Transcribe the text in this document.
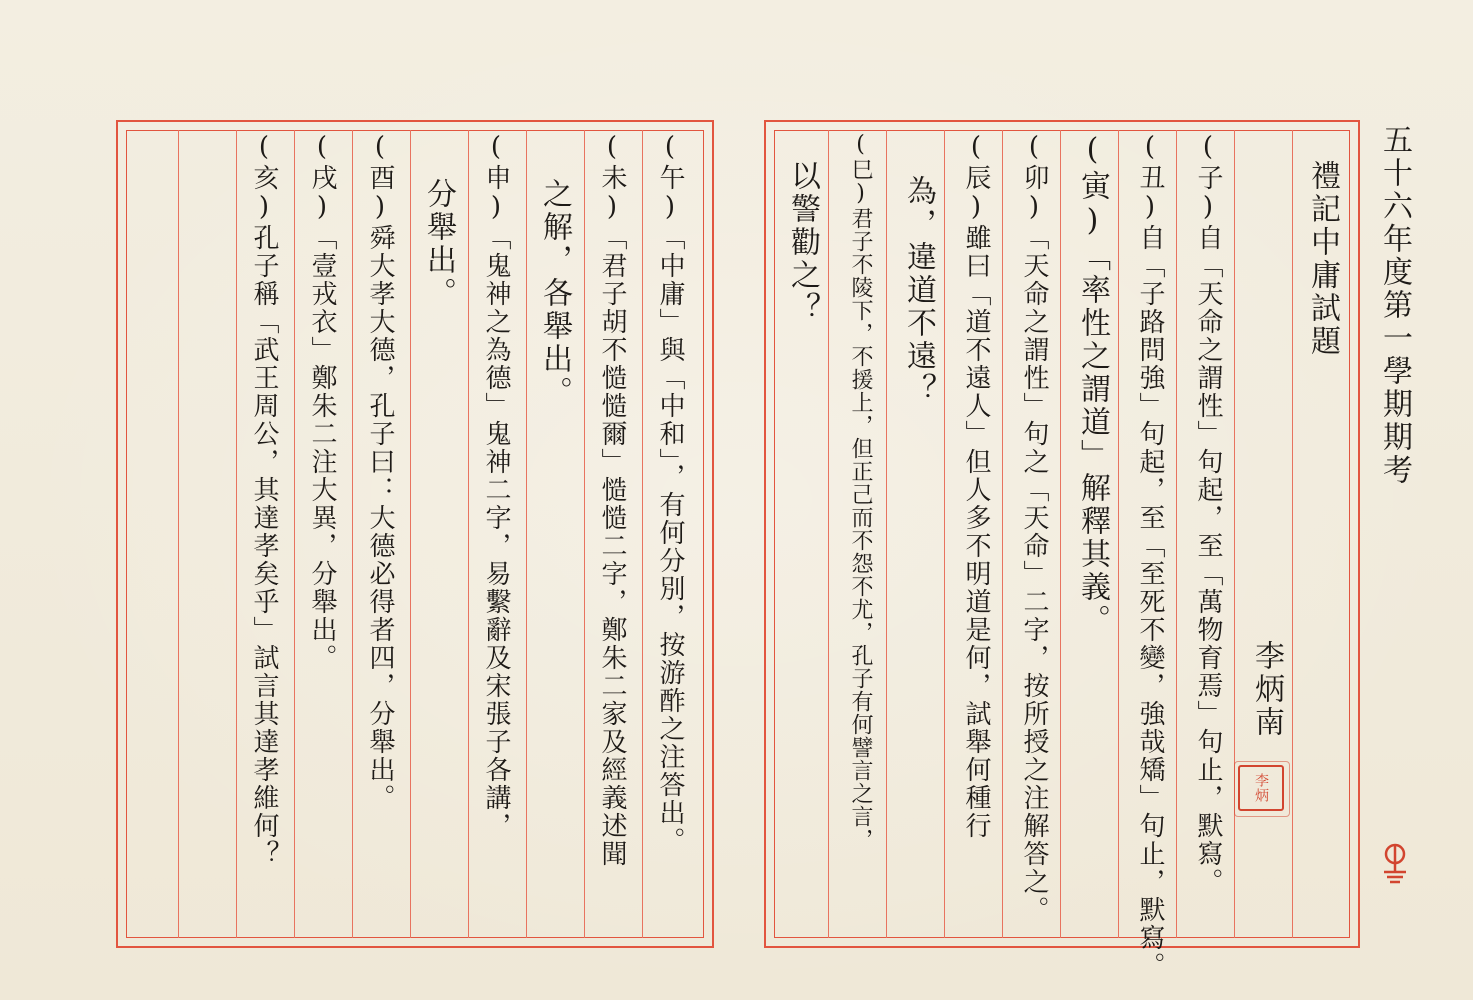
五十六年度第一學期期考
禮記中庸試題
李炳南
李炳
(子)自「天命之謂性」句起，至「萬物育焉」句止，默寫。
(丑)自「子路問強」句起，至「至死不變，強哉矯」句止，默寫。
(寅)「率性之謂道」解釋其義。
(卯)「天命之謂性」句之「天命」二字，按所授之注解答之。
(辰)雖曰「道不遠人」但人多不明道是何，試舉何種行
為，違道不遠？
(巳)君子不陵下，不援上，但正己而不怨不尤，孔子有何譬言之言，
以警勸之？
(午)「中庸」與「中和」，有何分別，按游酢之注答出。
(未)「君子胡不慥慥爾」慥慥二字，鄭朱二家及經義述聞
之解，各舉出。
(申)「鬼神之為德」鬼神二字，易繫辭及宋張子各講，
分舉出。
(酉)舜大孝大德，孔子曰：大德必得者四，分舉出。
(戌)「壹戎衣」鄭朱二注大異，分舉出。
(亥)孔子稱「武王周公，其達孝矣乎」試言其達孝維何？
